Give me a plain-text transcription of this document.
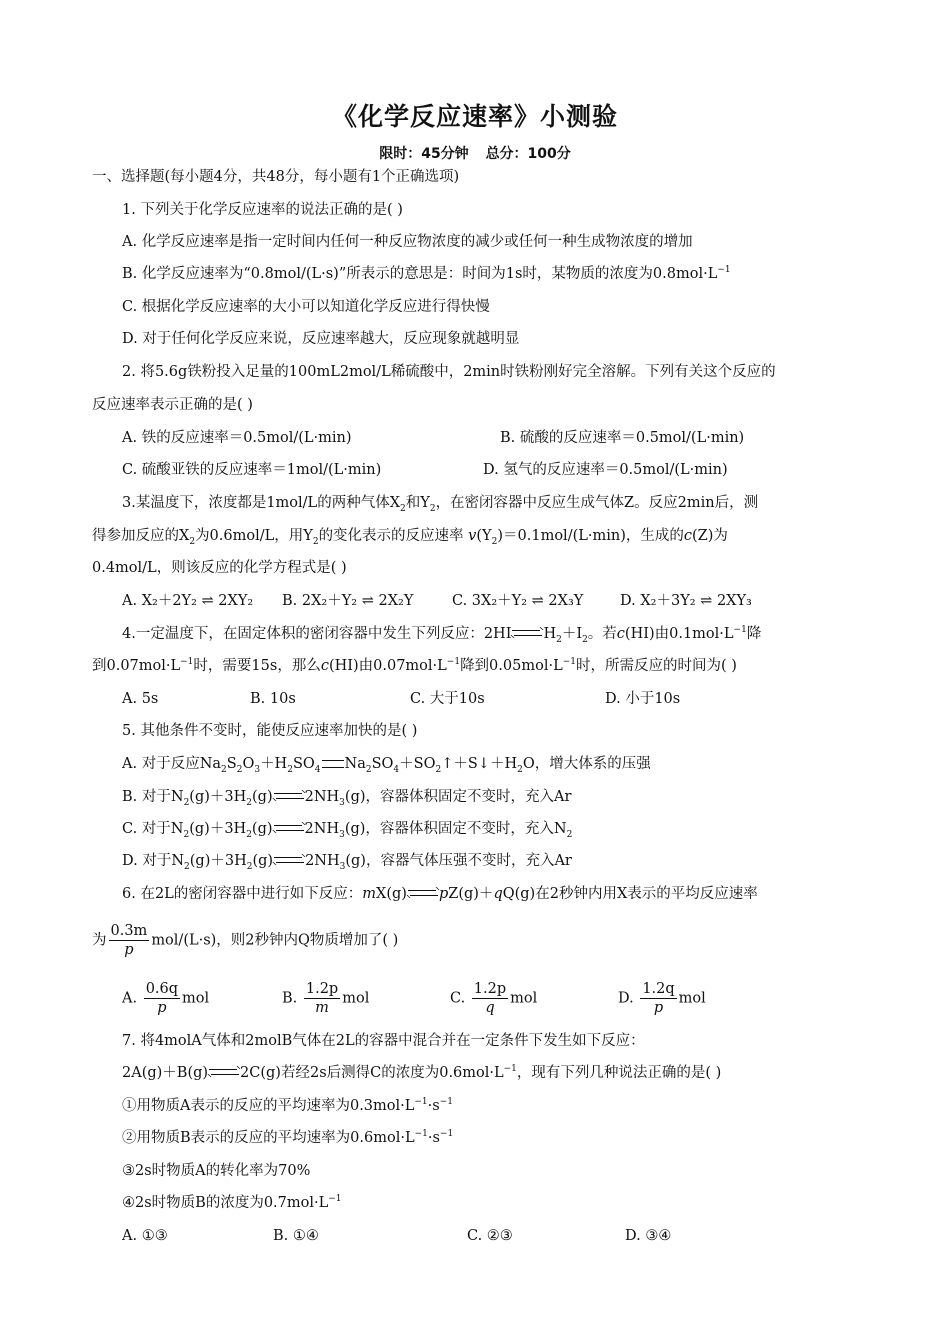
《化学反应速率》小测验
限时：45分钟 总分：100分
一、选择题(每小题4分，共48分，每小题有1个正确选项)
1. 下列关于化学反应速率的说法正确的是( )
A. 化学反应速率是指一定时间内任何一种反应物浓度的减少或任何一种生成物浓度的增加
B. 化学反应速率为“0.8mol/(L·s)”所表示的意思是：时间为1s时，某物质的浓度为$0.8mol\cdot L^{-1}$
C. 根据化学反应速率的大小可以知道化学反应进行得快慢
D. 对于任何化学反应来说，反应速率越大，反应现象就越明显
2. 将5.6g铁粉投入足量的100mL2mol/L稀硫酸中，2min时铁粉刚好完全溶解。下列有关这个反应的
反应速率表示正确的是( )
A. 铁的反应速率＝0.5mol/(L·min)	B. 硫酸的反应速率＝0.5mol/(L·min)
C. 硫酸亚铁的反应速率＝1mol/(L·min)	D. 氢气的反应速率＝0.5mol/(L·min)
3.某温度下，浓度都是1mol/L的两种气体$X_2$和$Y_2$，在密闭容器中反应生成气体Z。反应2min后，测
得参加反应的$X_2$为0.6mol/L，用$Y_2$的变化表示的反应速率 $v(Y_2)=0.1mol/(L\cdot\min)$，生成的c(Z)为
0.4mol/L，则该反应的化学方程式是( )
A. X₂＋2Y₂ ⇌ 2XY₂ B. 2X₂＋Y₂ ⇌ 2X₂Y	C. 3X₂＋Y₂ ⇌ 2X₃Y	D. X₂＋3Y₂ ⇌ 2XY₃
4.一定温度下，在固定体积的密闭容器中发生下列反应：2HI $H_2+I_2$。若c(HI)由$0.1mol\cdot L^{-1}$降
到$0.07mol\cdot L^{-1}$时，需要15s，那么c(HI)由$0.07mol\cdot L^{-1}$降到$0.05mol\cdot L^{-1}$时，所需反应的时间为( )
A. 5s	B. 10s	C. 大于10s	D. 小于10s
5. 其他条件不变时，能使反应速率加快的是( )
A. 对于反应$Na_2S_2O_3+H_2SO_4$ $Na_2SO_4+SO_2↑+S↓+H_2O$，增大体系的压强
B. 对于$N_2(g)+3H_2(g)$ $2NH_3(g)$，容器体积固定不变时，充入Ar
C. 对于$N_2(g)+3H_2(g)$ $2NH_3(g)$，容器体积固定不变时，充入$N_2$
D. 对于$N_2(g)+3H_2(g)$ $2NH_3(g)$，容器气体压强不变时，充入Ar
6. 在2L的密闭容器中进行如下反应：mX(g) pZ(g)＋qQ(g)在2秒钟内用X表示的平均反应速率
为 $\frac{0.3m}{p} mol/(L\cdot s)$，则2秒钟内Q物质增加了( )
A. $\frac{0.6q}{p}$ mol	B. $\frac{1.2p}{m}$ mol	C. $\frac{1.2p}{q}$ mol	D. $\frac{1.2q}{p}$ mol
7. 将4molA气体和2molB气体在2L的容器中混合并在一定条件下发生如下反应：
2A(g)＋B(g) 2C(g)若经2s后测得C的浓度为$0.6mol\cdot L^{-1}$，现有下列几种说法正确的是( )
①用物质A表示的反应的平均速率为$0.3mol\cdot L^{-1}\cdot s^{-1}$
②用物质B表示的反应的平均速率为$0.6mol\cdot L^{-1}\cdot s^{-1}$
③2s时物质A的转化率为70%
④2s时物质B的浓度为$0.7mol\cdot L^{-1}$
A. ①③	B. ①④	C. ②③	D. ③④
